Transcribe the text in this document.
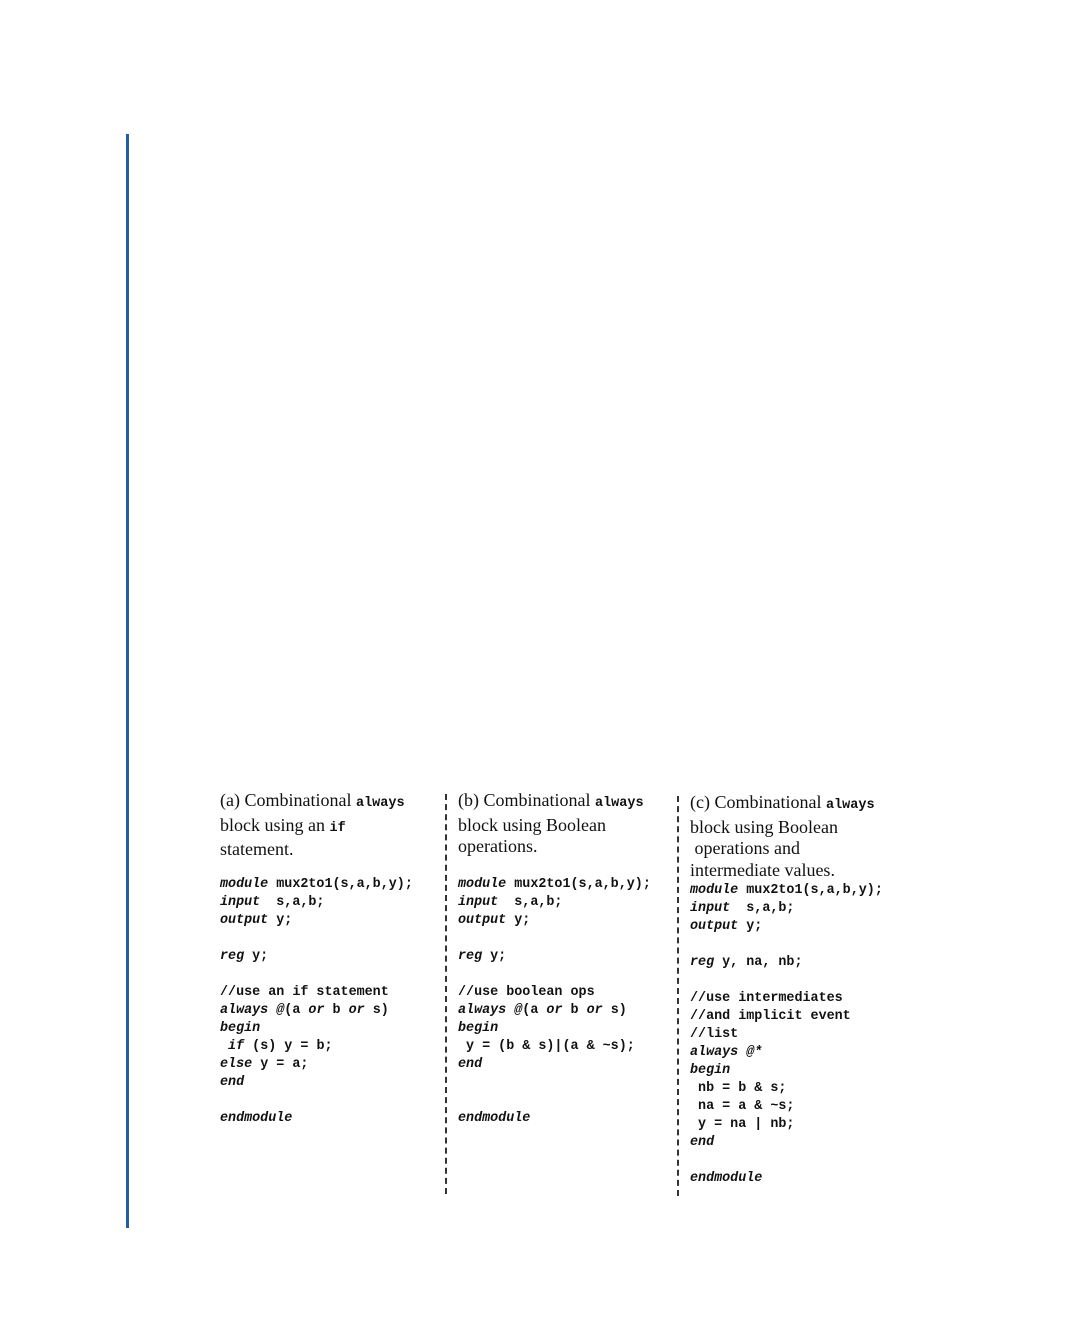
(a) Combinational always
block using an if
statement.
module mux2to1(s,a,b,y);
input  s,a,b;
output y;
reg y;
//use an if statement
always @(a or b or s)
begin
if (s) y = b;
else y = a;
end
endmodule
(b) Combinational always
block using Boolean
operations.
module mux2to1(s,a,b,y);
input  s,a,b;
output y;
reg y;
//use boolean ops
always @(a or b or s)
begin
y = (b & s)|(a & ~s);
end
endmodule
(c) Combinational always
block using Boolean
operations and
intermediate values.
module mux2to1(s,a,b,y);
input  s,a,b;
output y;
reg y, na, nb;
//use intermediates
//and implicit event
//list
always @*
begin
nb = b & s;
na = a & ~s;
y = na | nb;
end
endmodule
